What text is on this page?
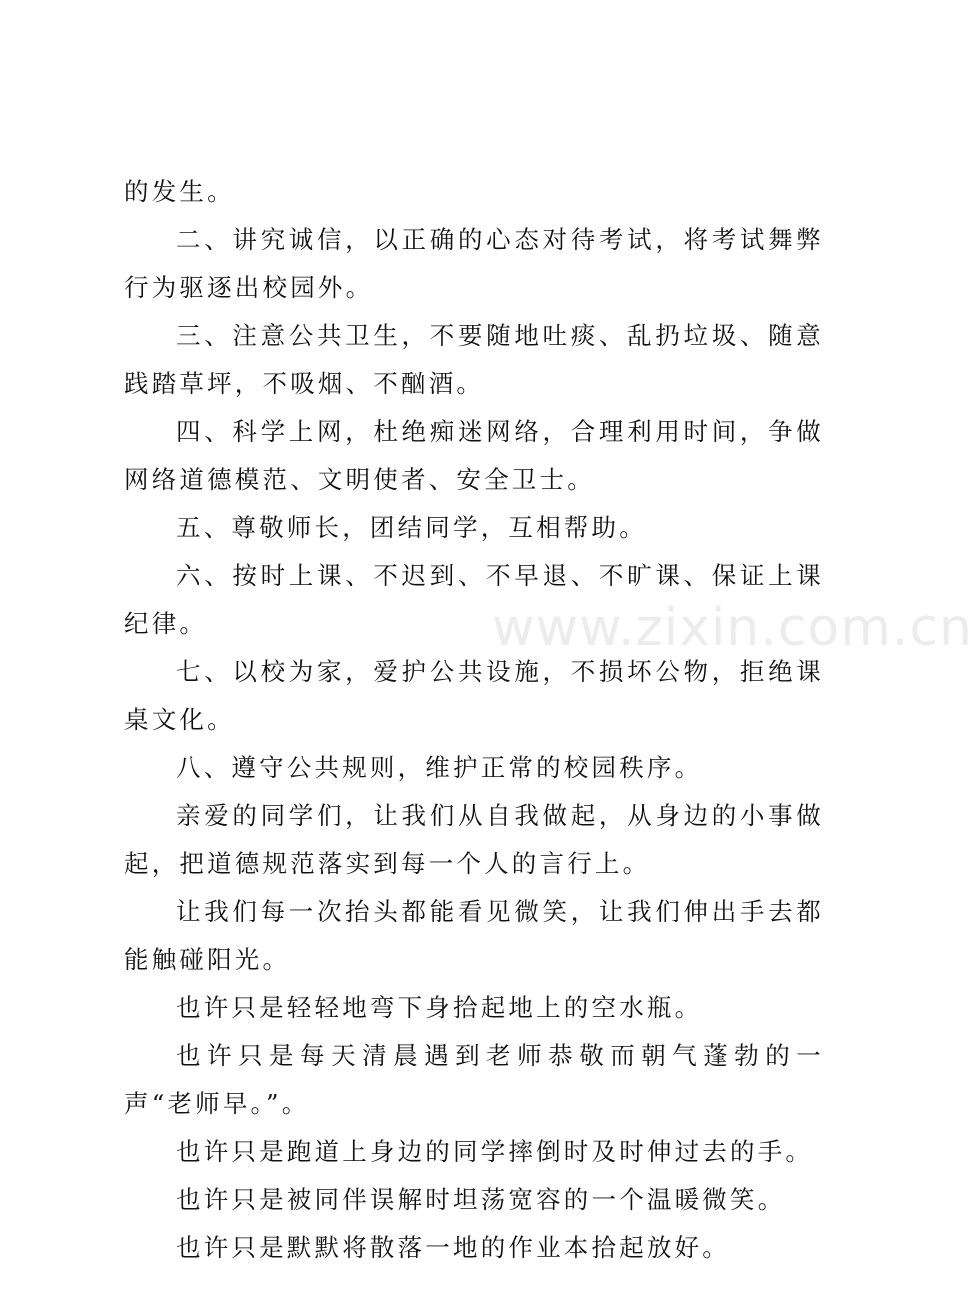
的发生。

二、讲究诚信，以正确的心态对待考试，将考试舞弊行为驱逐出校园外。

三、注意公共卫生，不要随地吐痰、乱扔垃圾、随意践踏草坪，不吸烟、不酗酒。

四、科学上网，杜绝痴迷网络，合理利用时间，争做网络道德模范、文明使者、安全卫士。

五、尊敬师长，团结同学，互相帮助。

六、按时上课、不迟到、不早退、不旷课、保证上课纪律。

七、以校为家，爱护公共设施，不损坏公物，拒绝课桌文化。

八、遵守公共规则，维护正常的校园秩序。

亲爱的同学们，让我们从自我做起，从身边的小事做起，把道德规范落实到每一个人的言行上。

让我们每一次抬头都能看见微笑，让我们伸出手去都能触碰阳光。

也许只是轻轻地弯下身拾起地上的空水瓶。

也许只是每天清晨遇到老师恭敬而朝气蓬勃的一声“老师早。”。

也许只是跑道上身边的同学摔倒时及时伸过去的手。

也许只是被同伴误解时坦荡宽容的一个温暖微笑。

也许只是默默将散落一地的作业本拾起放好。

www.zixin.com.cn
